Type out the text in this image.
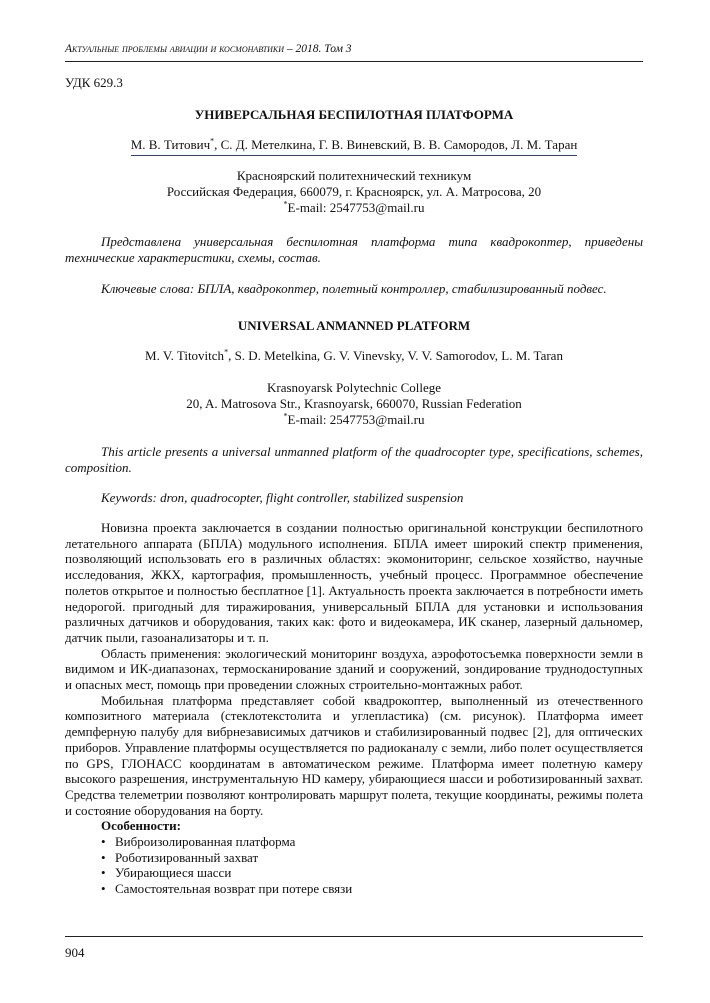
Актуальные проблемы авиации и космонавтики – 2018. Том 3
УДК 629.3
УНИВЕРСАЛЬНАЯ БЕСПИЛОТНАЯ ПЛАТФОРМА
М. В. Титович*, С. Д. Метелкина, Г. В. Виневский, В. В. Самородов, Л. М. Таран
Красноярский политехнический техникум
Российская Федерация, 660079, г. Красноярск, ул. А. Матросова, 20
*E-mail: 2547753@mail.ru

Представлена универсальная беспилотная платформа типа квадрокоптер, приведены технические характеристики, схемы, состав.

Ключевые слова: БПЛА, квадрокоптер, полетный контроллер, стабилизированный подвес.

UNIVERSAL ANMANNED PLATFORM
M. V. Titovitch*, S. D. Metelkina, G. V. Vinevsky, V. V. Samorodov, L. M. Taran
Krasnoyarsk Polytechnic College
20, A. Matrosova Str., Krasnoyarsk, 660070, Russian Federation
*E-mail: 2547753@mail.ru

This article presents a universal unmanned platform of the quadrocopter type, specifications, schemes, composition.

Keywords: dron, quadrocopter, flight controller, stabilized suspension

Новизна проекта заключается в создании полностью оригинальной конструкции беспилотного летательного аппарата (БПЛА) модульного исполнения. БПЛА имеет широкий спектр применения, позволяющий использовать его в различных областях: экомониторинг, сельское хозяйство, научные исследования, ЖКХ, картография, промышленность, учебный процесс. Программное обеспечение полетов открытое и полностью бесплатное [1]. Актуальность проекта заключается в потребности иметь недорогой. пригодный для тиражирования, универсальный БПЛА для установки и использования различных датчиков и оборудования, таких как: фото и видеокамера, ИК сканер, лазерный дальномер, датчик пыли, газоанализаторы и т. п.

Область применения: экологический мониторинг воздуха, аэрофотосъемка поверхности земли в видимом и ИК-диапазонах, термосканирование зданий и сооружений, зондирование труднодоступных и опасных мест, помощь при проведении сложных строительно-монтажных работ.

Мобильная платформа представляет собой квадрокоптер, выполненный из отечественного композитного материала (стеклотекстолита и углепластика) (см. рисунок). Платформа имеет демпферную палубу для вибрнезависимых датчиков и стабилизированный подвес [2], для оптических приборов. Управление платформы осуществляется по радиоканалу с земли, либо полет осуществляется по GPS, ГЛОНАСС координатам в автоматическом режиме. Платформа имеет полетную камеру высокого разрешения, инструментальную HD камеру, убирающиеся шасси и роботизированный захват. Средства телеметрии позволяют контролировать маршрут полета, текущие координаты, режимы полета и состояние оборудования на борту.

Особенности:
• Виброизолированная платформа
• Роботизированный захват
• Убирающиеся шасси
• Самостоятельная возврат при потере связи
904
